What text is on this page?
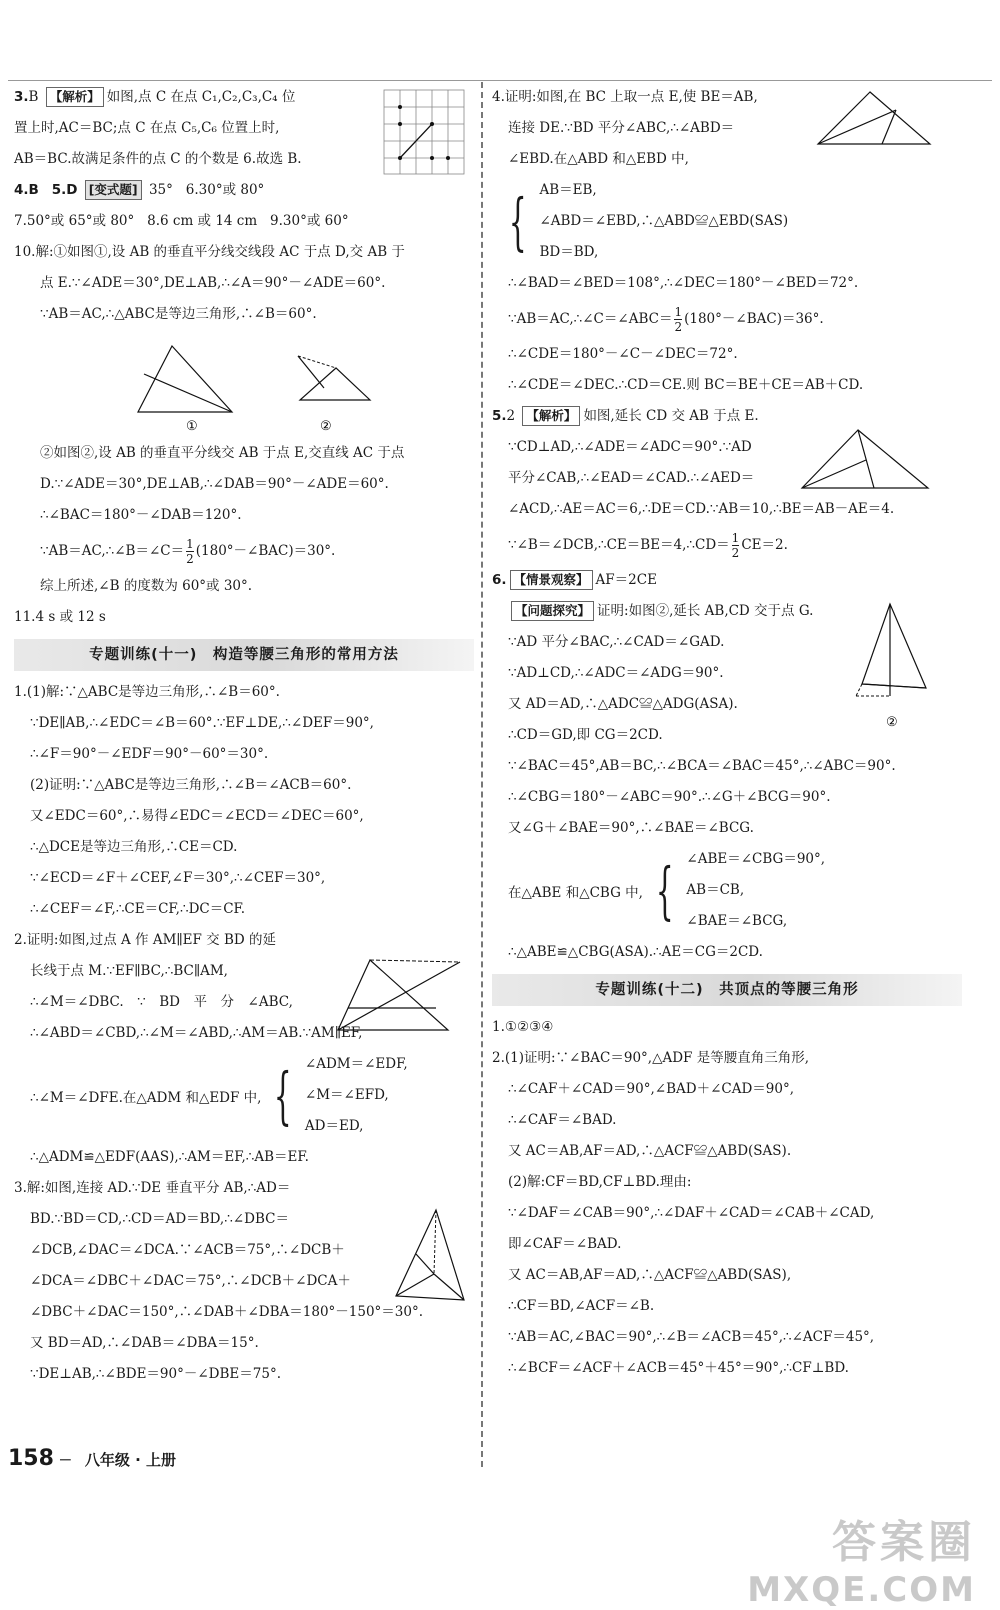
3.B 【解析】 如图,点 C 在点 C₁,C₂,C₃,C₄ 位

置上时,AC＝BC;点 C 在点 C₅,C₆ 位置上时,

AB＝BC.故满足条件的点 C 的个数是 6.故选 B.

4.B 5.D [变式题] 35° 6.30°或 80°

7.50°或 65°或 80° 8.6 cm 或 14 cm 9.30°或 60°

10.解:①如图①,设 AB 的垂直平分线交线段 AC 于点 D,交 AB 于

点 E.∵∠ADE＝30°,DE⊥AB,∴∠A＝90°－∠ADE＝60°.

∵AB＝AC,∴△ABC是等边三角形,∴∠B＝60°.

②如图②,设 AB 的垂直平分线交 AB 于点 E,交直线 AC 于点

D.∵∠ADE＝30°,DE⊥AB,∴∠DAB＝90°－∠ADE＝60°.

∴∠BAC＝180°－∠DAB＝120°.

∵AB＝AC,∴∠B＝∠C＝ $\frac{1}{2}$ (180°－∠BAC)＝30°.

综上所述,∠B 的度数为 60°或 30°.

11.4 s 或 12 s

专题训练(十一)　构造等腰三角形的常用方法

1.(1)解:∵△ABC是等边三角形,∴∠B＝60°.

∵DE∥AB,∴∠EDC＝∠B＝60°.∵EF⊥DE,∴∠DEF＝90°,

∴∠F＝90°－∠EDF＝90°－60°＝30°.

(2)证明:∵△ABC是等边三角形,∴∠B＝∠ACB＝60°.

又∠EDC＝60°,∴易得∠EDC＝∠ECD＝∠DEC＝60°,

∴△DCE是等边三角形,∴CE＝CD.

∵∠ECD＝∠F＋∠CEF,∠F＝30°,∴∠CEF＝30°,

∴∠CEF＝∠F,∴CE＝CF,∴DC＝CF.

2.证明:如图,过点 A 作 AM∥EF 交 BD 的延

长线于点 M.∵EF∥BC,∴BC∥AM,

∴∠M＝∠DBC.　∵　BD　平　分　∠ABC,

∴∠ABD＝∠CBD,∴∠M＝∠ABD,∴AM＝AB.∵AM∥EF,

∴∠M＝∠DFE.在△ADM 和△EDF 中, { ∠ADM＝∠EDF,
∠M＝∠EFD,
AD＝ED,

∴△ADM≌△EDF(AAS),∴AM＝EF,∴AB＝EF.

3.解:如图,连接 AD.∵DE 垂直平分 AB,∴AD＝

BD.∵BD＝CD,∴CD＝AD＝BD,∴∠DBC＝

∠DCB,∠DAC＝∠DCA.∵∠ACB＝75°,∴∠DCB＋

∠DCA＝∠DBC＋∠DAC＝75°,∴∠DCB＋∠DCA＋

∠DBC＋∠DAC＝150°,∴∠DAB＋∠DBA＝180°－150°＝30°.

又 BD＝AD,∴∠DAB＝∠DBA＝15°.

∵DE⊥AB,∴∠BDE＝90°－∠DBE＝75°.

4.证明:如图,在 BC 上取一点 E,使 BE＝AB,

连接 DE.∵BD 平分∠ABC,∴∠ABD＝

∠EBD.在△ABD 和△EBD 中,

{ AB＝EB,
∠ABD＝∠EBD,∴△ABD≌△EBD(SAS)
BD＝BD,

∴∠BAD＝∠BED＝108°,∴∠DEC＝180°－∠BED＝72°.

∵AB＝AC,∴∠C＝∠ABC＝ $\frac{1}{2}$ (180°－∠BAC)＝36°.

∴∠CDE＝180°－∠C－∠DEC＝72°.

∴∠CDE＝∠DEC.∴CD＝CE.则 BC＝BE＋CE＝AB＋CD.

5.2 【解析】 如图,延长 CD 交 AB 于点 E.

∵CD⊥AD,∴∠ADE＝∠ADC＝90°.∵AD

平分∠CAB,∴∠EAD＝∠CAD.∴∠AED＝

∠ACD,∴AE＝AC＝6,∴DE＝CD.∵AB＝10,∴BE＝AB－AE＝4.

∵∠B＝∠DCB,∴CE＝BE＝4,∴CD＝ $\frac{1}{2} CE=2$.

6. 【情景观察】 AF＝2CE

【问题探究】 证明:如图②,延长 AB,CD 交于点 G.

∵AD 平分∠BAC,∴∠CAD＝∠GAD.

∵AD⊥CD,∴∠ADC＝∠ADG＝90°.

又 AD＝AD,∴△ADC≌△ADG(ASA).

∴CD＝GD,即 CG＝2CD.

∵∠BAC＝45°,AB＝BC,∴∠BCA＝∠BAC＝45°,∴∠ABC＝90°.

∴∠CBG＝180°－∠ABC＝90°.∴∠G＋∠BCG＝90°.

又∠G＋∠BAE＝90°,∴∠BAE＝∠BCG.

在△ABE 和△CBG 中, { ∠ABE＝∠CBG＝90°,
AB＝CB,
∠BAE＝∠BCG,

∴△ABE≌△CBG(ASA).∴AE＝CG＝2CD.

专题训练(十二)　共顶点的等腰三角形

1.①②③④

2.(1)证明:∵∠BAC＝90°,△ADF 是等腰直角三角形,

∴∠CAF＋∠CAD＝90°,∠BAD＋∠CAD＝90°,

∴∠CAF＝∠BAD.

又 AC＝AB,AF＝AD,∴△ACF≌△ABD(SAS).

(2)解:CF＝BD,CF⊥BD.理由:

∵∠DAF＝∠CAB＝90°,∴∠DAF＋∠CAD＝∠CAB＋∠CAD,

即∠CAF＝∠BAD.

又 AC＝AB,AF＝AD,∴△ACF≌△ABD(SAS),

∴CF＝BD,∠ACF＝∠B.

∵AB＝AC,∠BAC＝90°,∴∠B＝∠ACB＝45°,∴∠ACF＝45°,

∴∠BCF＝∠ACF＋∠ACB＝45°＋45°＝90°,∴CF⊥BD.

①	②
②
158 － 八年级 · 上册
答案圈
MXQE.COM
